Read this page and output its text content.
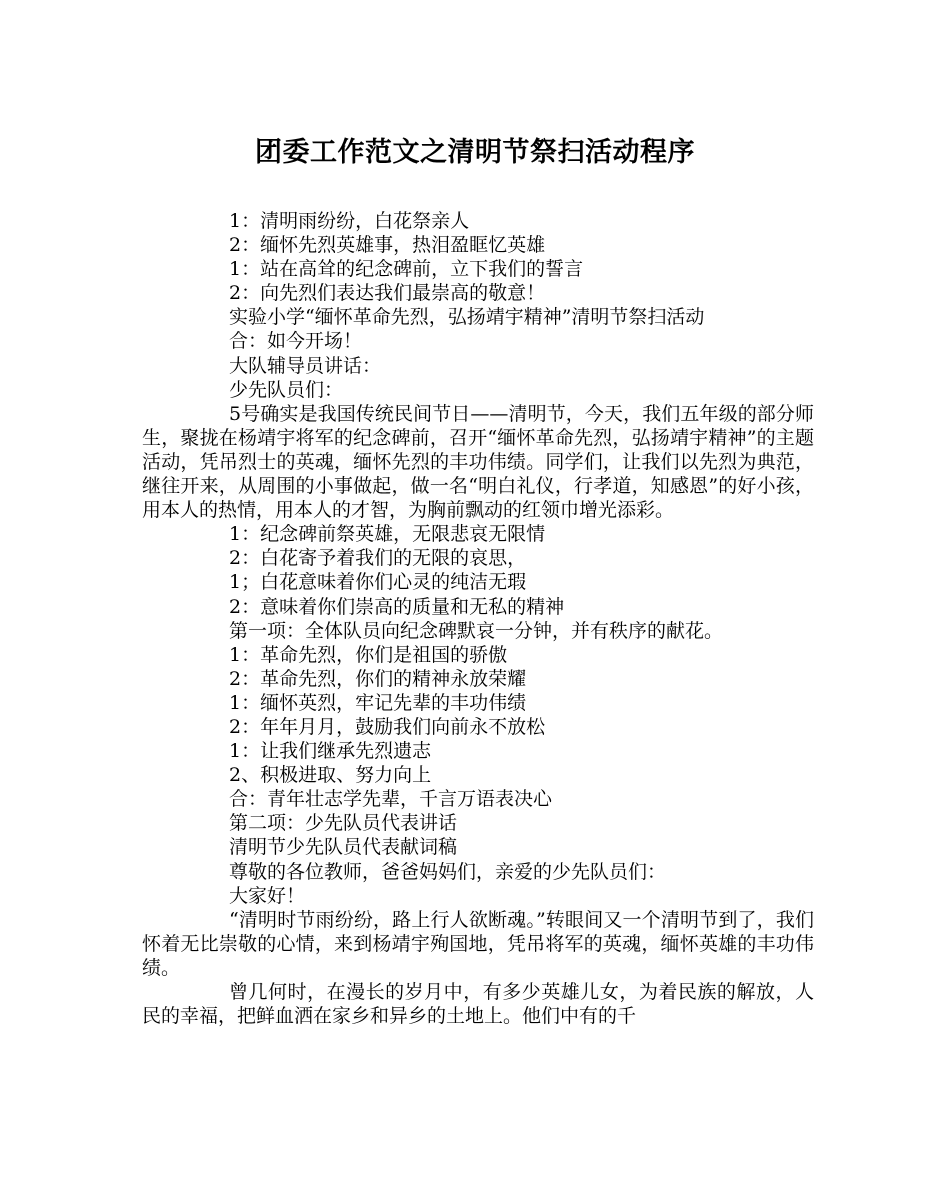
团委工作范文之清明节祭扫活动程序

1：清明雨纷纷，白花祭亲人

2：缅怀先烈英雄事，热泪盈眶忆英雄

1：站在高耸的纪念碑前，立下我们的誓言

2：向先烈们表达我们最崇高的敬意！

实验小学“缅怀革命先烈，弘扬靖宇精神”清明节祭扫活动

合：如今开场！

大队辅导员讲话：

少先队员们：

5号确实是我国传统民间节日——清明节，今天，我们五年级的部分师生，聚拢在杨靖宇将军的纪念碑前，召开“缅怀革命先烈，弘扬靖宇精神”的主题活动，凭吊烈士的英魂，缅怀先烈的丰功伟绩。同学们，让我们以先烈为典范，继往开来，从周围的小事做起，做一名“明白礼仪，行孝道，知感恩”的好小孩，用本人的热情，用本人的才智，为胸前飘动的红领巾增光添彩。

1：纪念碑前祭英雄，无限悲哀无限情

2：白花寄予着我们的无限的哀思，

1；白花意味着你们心灵的纯洁无瑕

2：意味着你们崇高的质量和无私的精神

第一项：全体队员向纪念碑默哀一分钟，并有秩序的献花。

1：革命先烈，你们是祖国的骄傲

2：革命先烈，你们的精神永放荣耀

1：缅怀英烈，牢记先辈的丰功伟绩

2：年年月月，鼓励我们向前永不放松

1：让我们继承先烈遗志

2、积极进取、努力向上

合：青年壮志学先辈，千言万语表决心

第二项：少先队员代表讲话

清明节少先队员代表献词稿

尊敬的各位教师，爸爸妈妈们，亲爱的少先队员们：

大家好！

“清明时节雨纷纷，路上行人欲断魂。”转眼间又一个清明节到了，我们怀着无比崇敬的心情，来到杨靖宇殉国地，凭吊将军的英魂，缅怀英雄的丰功伟绩。

曾几何时，在漫长的岁月中，有多少英雄儿女，为着民族的解放，人民的幸福，把鲜血洒在家乡和异乡的土地上。他们中有的千
